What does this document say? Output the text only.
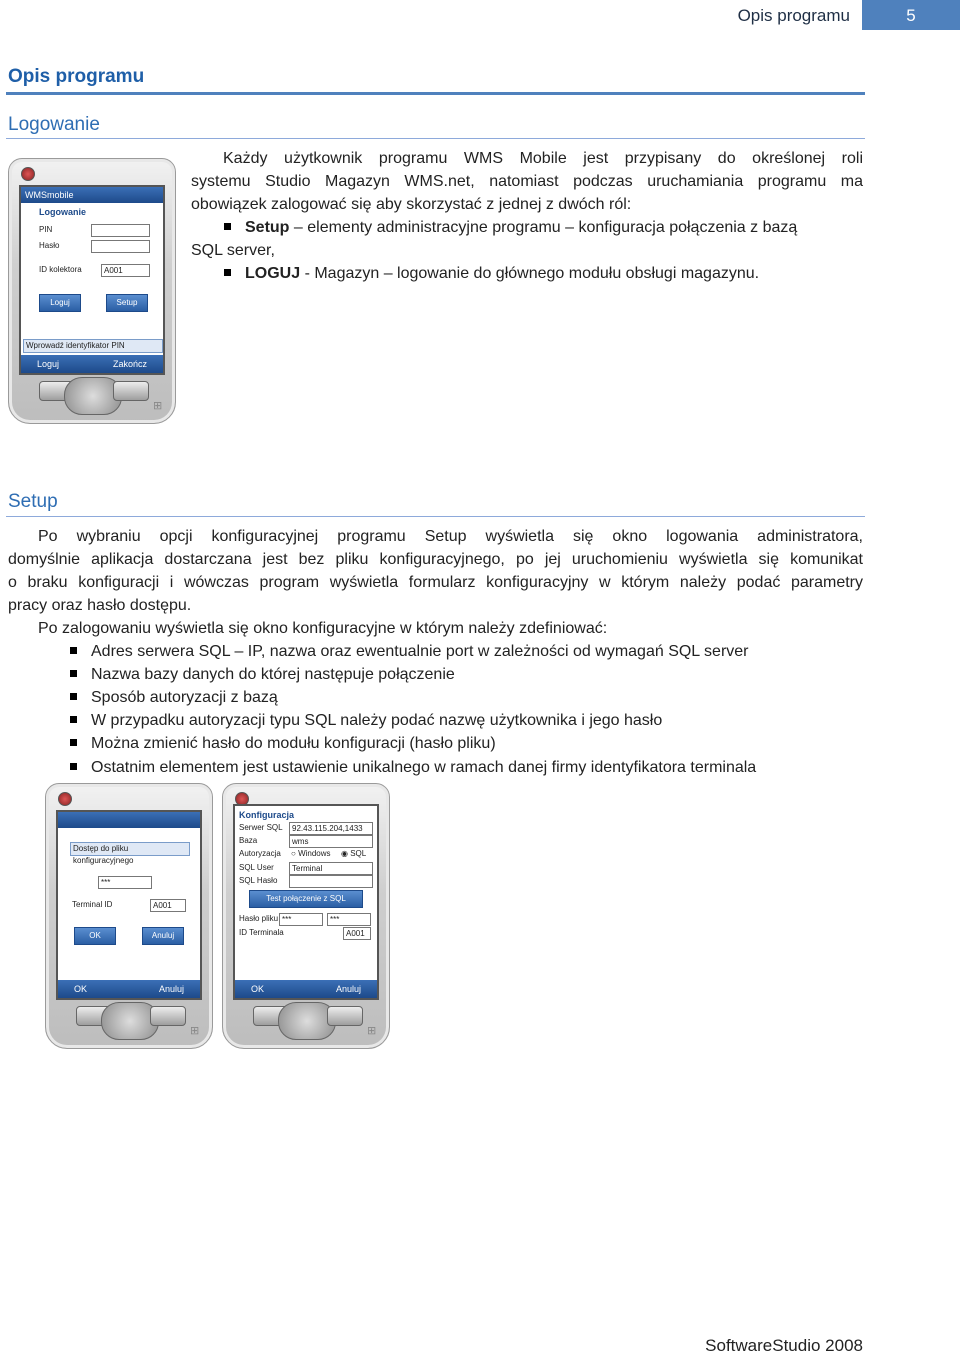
Opis programu	5
Opis programu
Logowanie
Każdy użytkownik programu WMS Mobile jest przypisany do określonej roli
systemu Studio Magazyn WMS.net, natomiast podczas uruchamiania programu ma
obowiązek zalogować się aby skorzystać z jednej z dwóch ról:
Setup – elementy administracyjne programu – konfiguracja połączenia z bazą
SQL server,
LOGUJ - Magazyn – logowanie do głównego modułu obsługi magazynu.
WMSmobile
Logowanie
PIN
Hasło
ID kolektora	A001
Loguj	Setup
Wprowadź identyfikator PIN
Loguj	Zakończ
⊞
Setup
Po wybraniu opcji konfiguracyjnej programu Setup wyświetla się okno logowania administratora,
domyślnie aplikacja dostarczana jest bez pliku konfiguracyjnego, po jej uruchomieniu wyświetla się komunikat
o braku konfiguracji i wówczas program wyświetla formularz konfiguracyjny w którym należy podać parametry
pracy oraz hasło dostępu.
Po zalogowaniu wyświetla się okno konfiguracyjne w którym należy zdefiniować:
Adres serwera SQL – IP, nazwa oraz ewentualnie port w zależności od wymagań SQL server
Nazwa bazy danych do której następuje połączenie
Sposób autoryzacji z bazą
W przypadku autoryzacji typu SQL należy podać nazwę użytkownika i jego hasło
Można zmienić hasło do modułu konfiguracji (hasło pliku)
Ostatnim elementem jest ustawienie unikalnego w ramach danej firmy identyfikatora terminala
Dostęp do pliku konfiguracyjnego
***
Terminal ID	A001
OK	Anuluj
OK	Anuluj
⊞
Konfiguracja
Serwer SQL	92.43.115.204,1433
Baza	wms
Autoryzacja ○ Windows ◉ SQL
SQL User	Terminal
SQL Hasło
Test połączenie z SQL
Hasło pliku ***	***
ID Terminala	A001
OK	Anuluj
⊞
SoftwareStudio 2008
